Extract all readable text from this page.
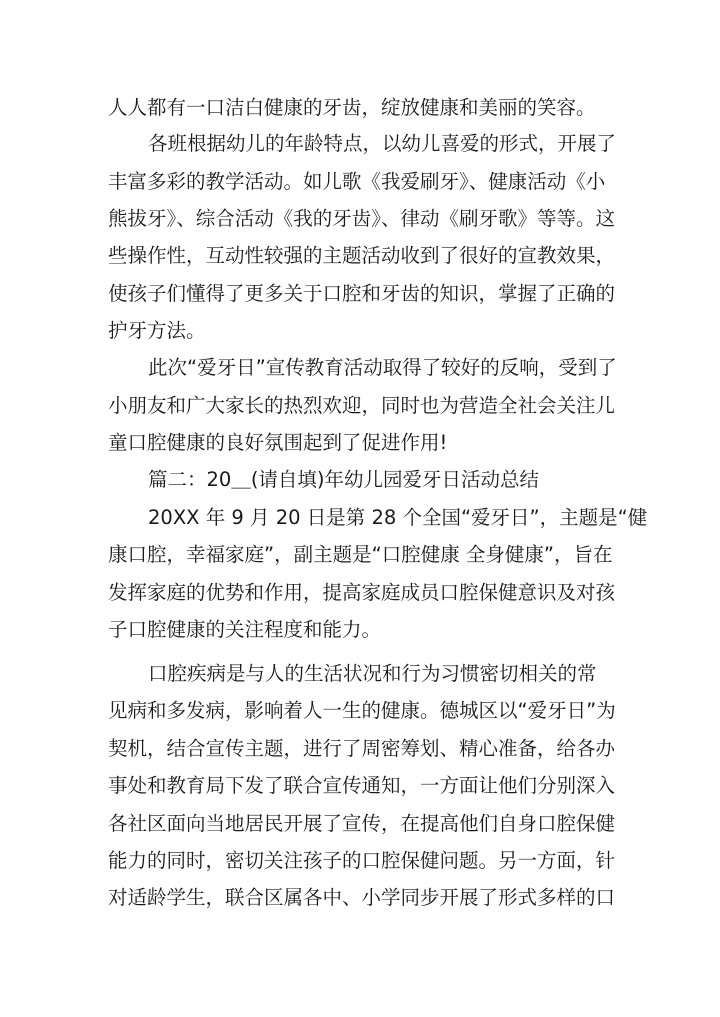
人人都有一口洁白健康的牙齿，绽放健康和美丽的笑容。
各班根据幼儿的年龄特点，以幼儿喜爱的形式，开展了
丰富多彩的教学活动。如儿歌《我爱刷牙》、健康活动《小
熊拔牙》、综合活动《我的牙齿》、律动《刷牙歌》等等。这
些操作性，互动性较强的主题活动收到了很好的宣教效果，
使孩子们懂得了更多关于口腔和牙齿的知识，掌握了正确的
护牙方法。
此次“爱牙日”宣传教育活动取得了较好的反响，受到了
小朋友和广大家长的热烈欢迎，同时也为营造全社会关注儿
童口腔健康的良好氛围起到了促进作用!
篇二：20＿(请自填)年幼儿园爱牙日活动总结
20XX 年 9 月 20 日是第 28 个全国“爱牙日”，主题是“健
康口腔，幸福家庭”，副主题是“口腔健康 全身健康”，旨在
发挥家庭的优势和作用，提高家庭成员口腔保健意识及对孩
子口腔健康的关注程度和能力。
口腔疾病是与人的生活状况和行为习惯密切相关的常
见病和多发病，影响着人一生的健康。德城区以“爱牙日”为
契机，结合宣传主题，进行了周密筹划、精心准备，给各办
事处和教育局下发了联合宣传通知，一方面让他们分别深入
各社区面向当地居民开展了宣传，在提高他们自身口腔保健
能力的同时，密切关注孩子的口腔保健问题。另一方面，针
对适龄学生，联合区属各中、小学同步开展了形式多样的口
